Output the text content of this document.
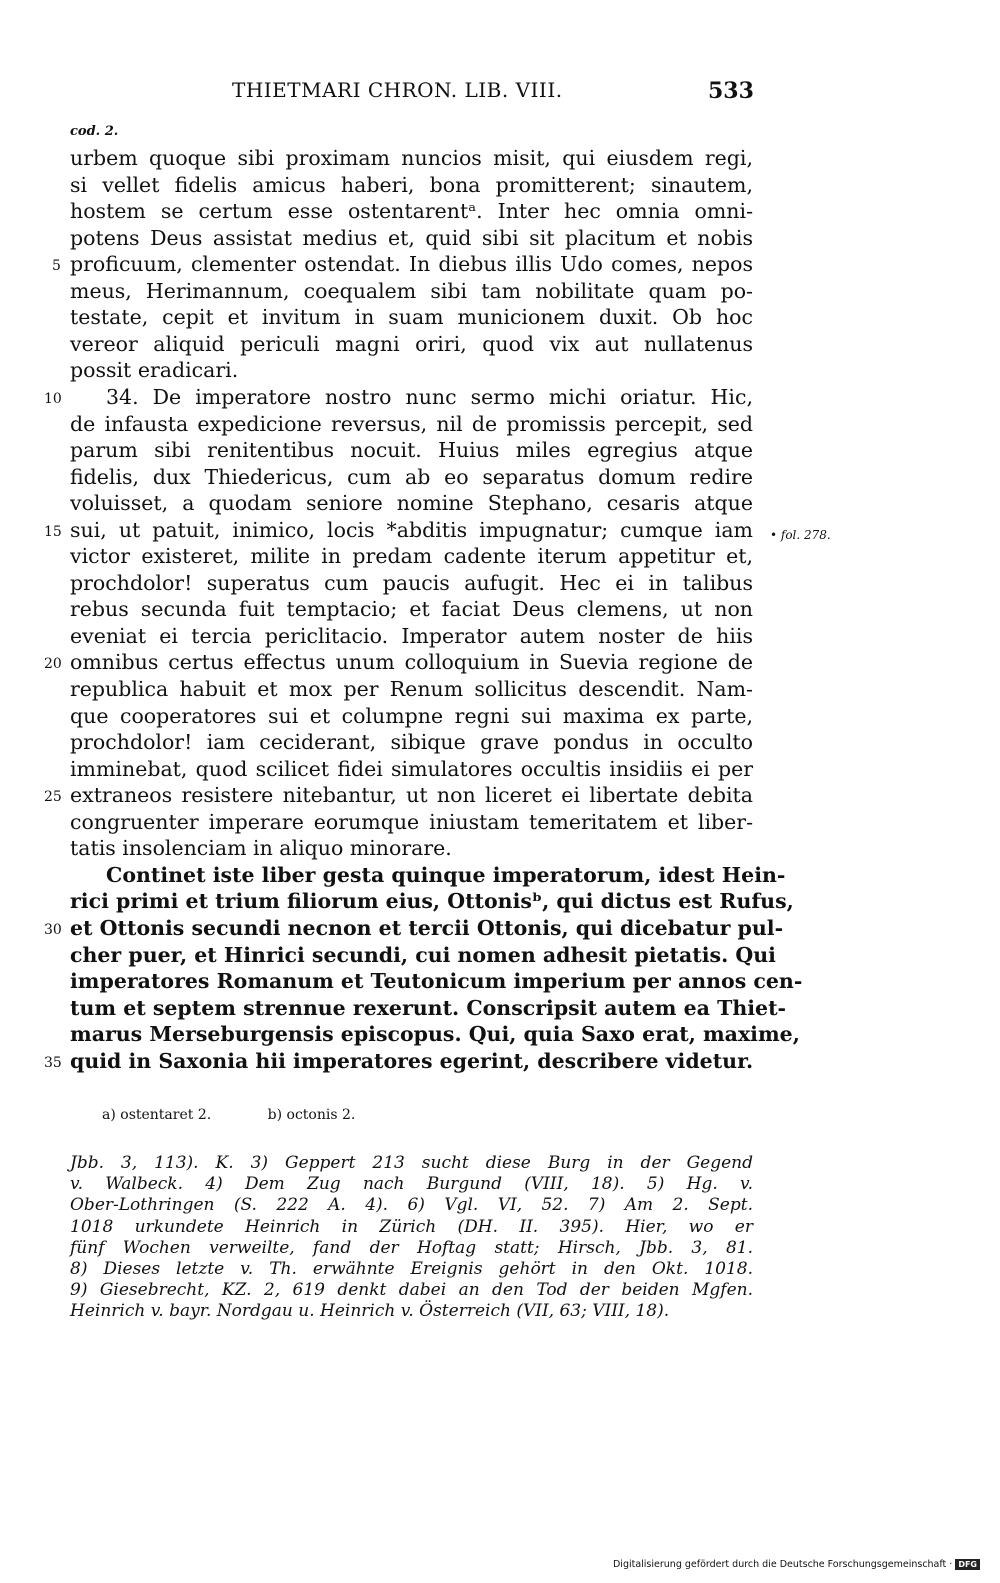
THIETMARI CHRON. LIB. VIII.	533
cod. 2.
urbem quoque sibi proximam nuncios misit, qui eiusdem regi,
si vellet fidelis amicus haberi, bona promitterent; sinautem,
hostem se certum esse ostentarentᵃ. Inter hec omnia omni-
potens Deus assistat medius et, quid sibi sit placitum et nobis
proficuum, clementer ostendat. In diebus illis Udo comes, nepos
meus, Herimannum, coequalem sibi tam nobilitate quam po-
testate, cepit et invitum in suam municionem duxit. Ob hoc
vereor aliquid periculi magni oriri, quod vix aut nullatenus
possit eradicari.
34. De imperatore nostro nunc sermo michi oriatur. Hic,
de infausta expedicione reversus, nil de promissis percepit, sed
parum sibi renitentibus nocuit. Huius miles egregius atque
fidelis, dux Thiedericus, cum ab eo separatus domum redire
voluisset, a quodam seniore nomine Stephano, cesaris atque
sui, ut patuit, inimico, locis *abditis impugnatur; cumque iam
victor existeret, milite in predam cadente iterum appetitur et,
prochdolor! superatus cum paucis aufugit. Hec ei in talibus
rebus secunda fuit temptacio; et faciat Deus clemens, ut non
eveniat ei tercia periclitacio. Imperator autem noster de hiis
omnibus certus effectus unum colloquium in Suevia regione de
republica habuit et mox per Renum sollicitus descendit. Nam-
que cooperatores sui et columpne regni sui maxima ex parte,
prochdolor! iam ceciderant, sibique grave pondus in occulto
imminebat, quod scilicet fidei simulatores occultis insidiis ei per
extraneos resistere nitebantur, ut non liceret ei libertate debita
congruenter imperare eorumque iniustam temeritatem et liber-
tatis insolenciam in aliquo minorare.
Continet iste liber gesta quinque imperatorum, idest Hein-
rici primi et trium filiorum eius, Ottonisᵇ, qui dictus est Rufus,
et Ottonis secundi necnon et tercii Ottonis, qui dicebatur pul-
cher puer, et Hinrici secundi, cui nomen adhesit pietatis. Qui
imperatores Romanum et Teutonicum imperium per annos cen-
tum et septem strennue rexerunt. Conscripsit autem ea Thiet-
marus Merseburgensis episcopus. Qui, quia Saxo erat, maxime,
quid in Saxonia hii imperatores egerint, describere videtur.
5
10
15
20
25
30
35
• fol. 278.
a) ostentaret 2.	b) octonis 2.
Jbb. 3, 113). K. 3) Geppert 213 sucht diese Burg in der Gegend
v. Walbeck. 4) Dem Zug nach Burgund (VIII, 18). 5) Hg. v.
Ober-Lothringen (S. 222 A. 4). 6) Vgl. VI, 52. 7) Am 2. Sept.
1018 urkundete Heinrich in Zürich (DH. II. 395). Hier, wo er
fünf Wochen verweilte, fand der Hoftag statt; Hirsch, Jbb. 3, 81.
8) Dieses letzte v. Th. erwähnte Ereignis gehört in den Okt. 1018.
9) Giesebrecht, KZ. 2, 619 denkt dabei an den Tod der beiden Mgfen.
Heinrich v. bayr. Nordgau u. Heinrich v. Österreich (VII, 63; VIII, 18).
Digitalisierung gefördert durch die Deutsche Forschungsgemeinschaft · DFG
